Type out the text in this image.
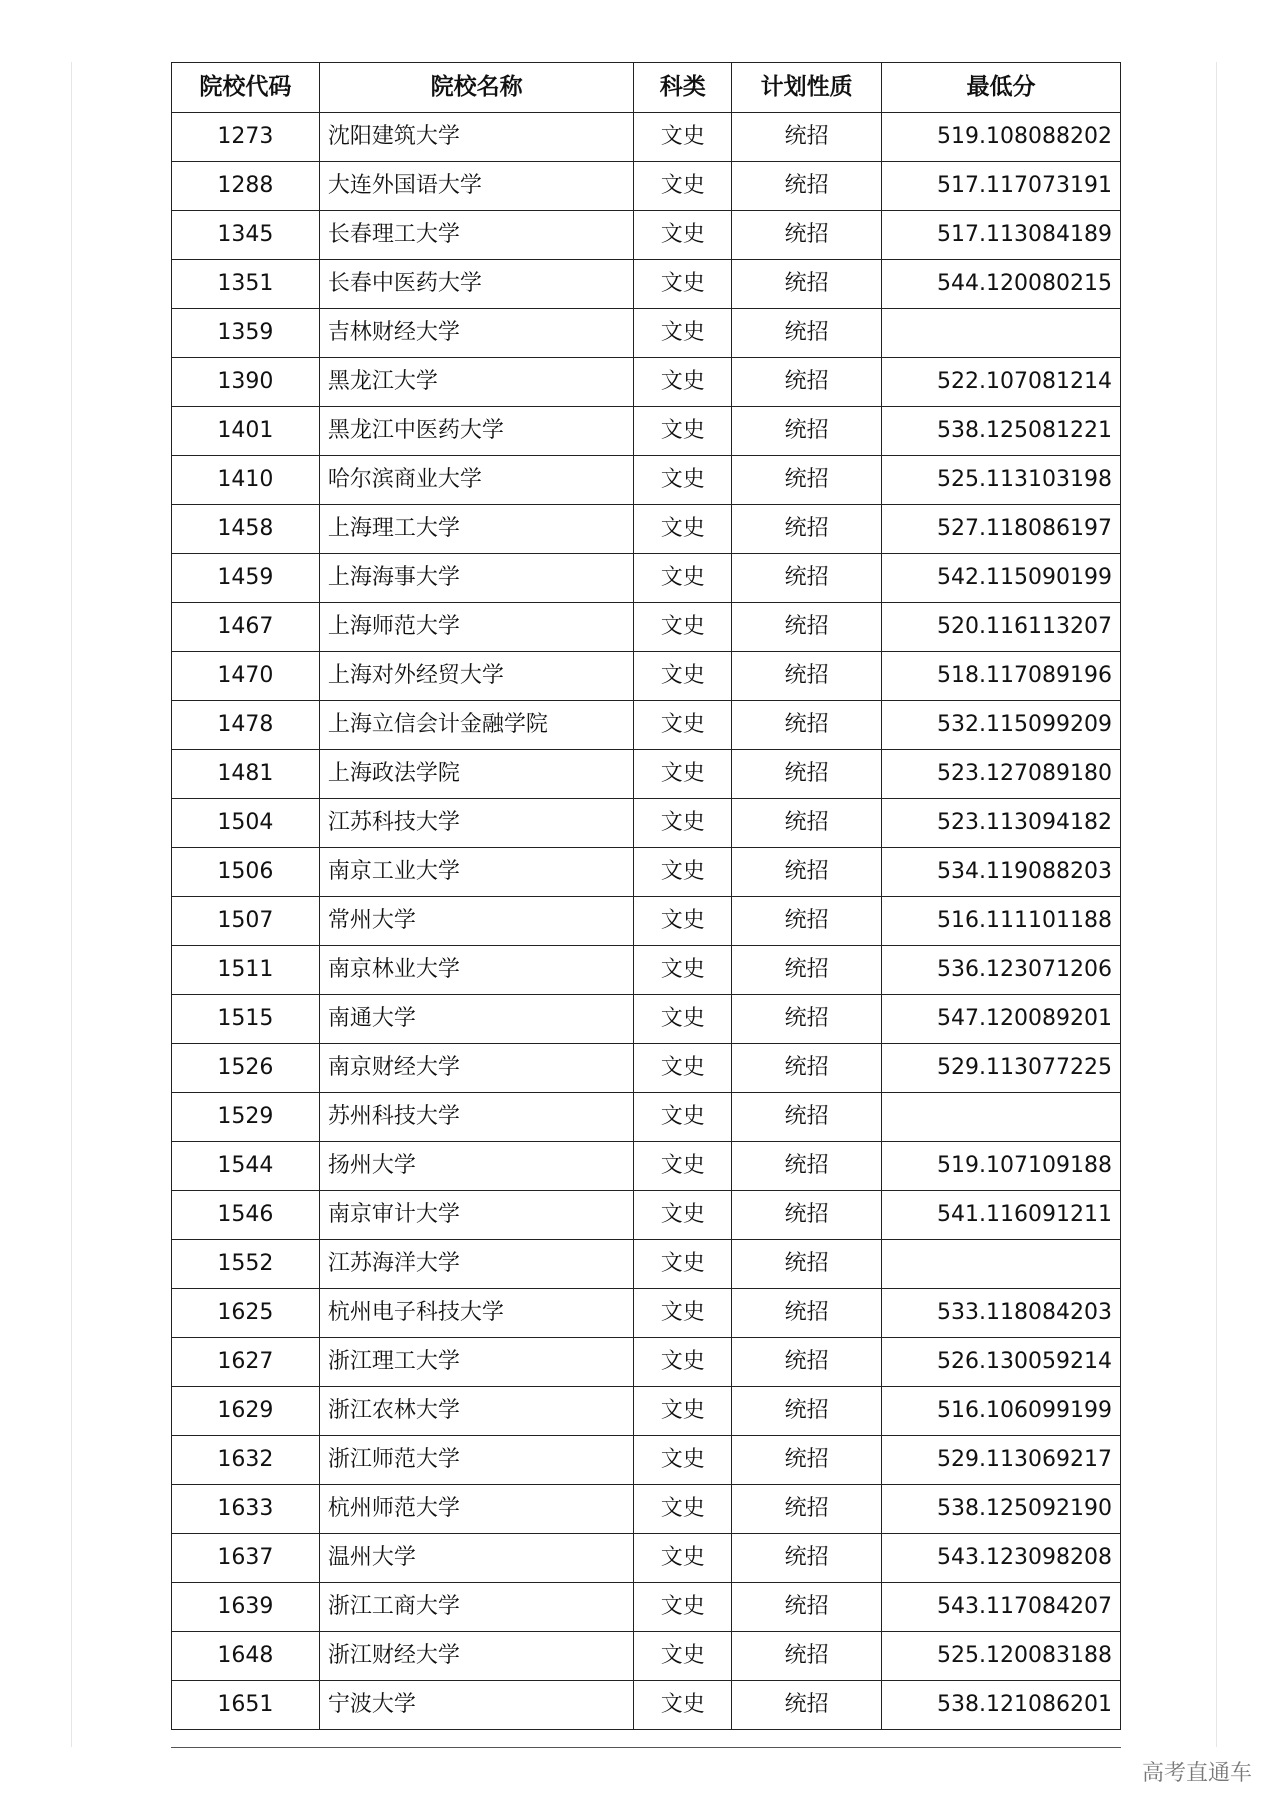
院校代码	院校名称	科类	计划性质	最低分
1273	沈阳建筑大学	文史	统招	519.108088202
1288	大连外国语大学	文史	统招	517.117073191
1345	长春理工大学	文史	统招	517.113084189
1351	长春中医药大学	文史	统招	544.120080215
1359	吉林财经大学	文史	统招	
1390	黑龙江大学	文史	统招	522.107081214
1401	黑龙江中医药大学	文史	统招	538.125081221
1410	哈尔滨商业大学	文史	统招	525.113103198
1458	上海理工大学	文史	统招	527.118086197
1459	上海海事大学	文史	统招	542.115090199
1467	上海师范大学	文史	统招	520.116113207
1470	上海对外经贸大学	文史	统招	518.117089196
1478	上海立信会计金融学院	文史	统招	532.115099209
1481	上海政法学院	文史	统招	523.127089180
1504	江苏科技大学	文史	统招	523.113094182
1506	南京工业大学	文史	统招	534.119088203
1507	常州大学	文史	统招	516.111101188
1511	南京林业大学	文史	统招	536.123071206
1515	南通大学	文史	统招	547.120089201
1526	南京财经大学	文史	统招	529.113077225
1529	苏州科技大学	文史	统招	
1544	扬州大学	文史	统招	519.107109188
1546	南京审计大学	文史	统招	541.116091211
1552	江苏海洋大学	文史	统招	
1625	杭州电子科技大学	文史	统招	533.118084203
1627	浙江理工大学	文史	统招	526.130059214
1629	浙江农林大学	文史	统招	516.106099199
1632	浙江师范大学	文史	统招	529.113069217
1633	杭州师范大学	文史	统招	538.125092190
1637	温州大学	文史	统招	543.123098208
1639	浙江工商大学	文史	统招	543.117084207
1648	浙江财经大学	文史	统招	525.120083188
1651	宁波大学	文史	统招	538.121086201
高考直通车
